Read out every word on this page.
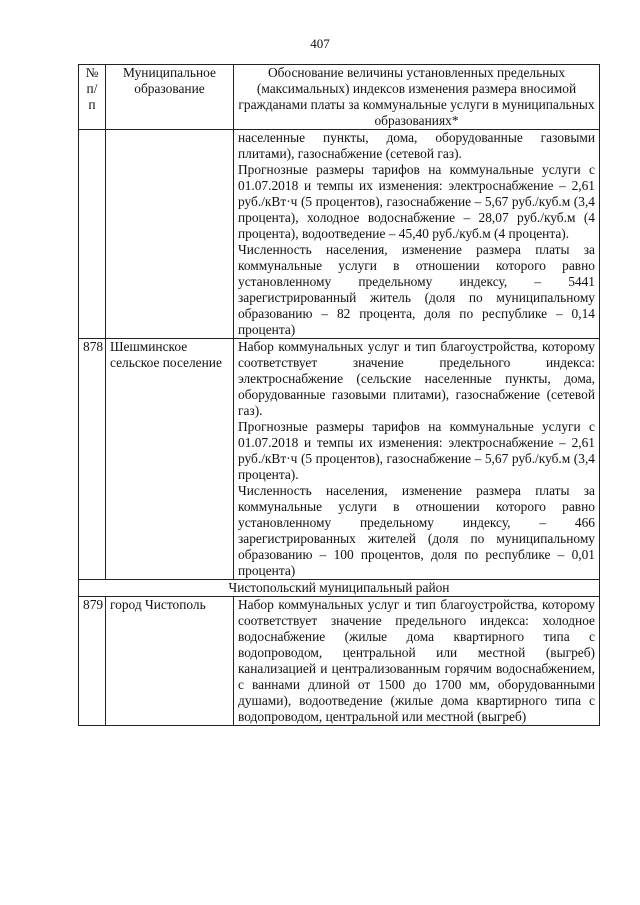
407
№ п/п	Муниципальное образование	Обоснование величины установленных предельных (максимальных) индексов изменения размера вносимой гражданами платы за коммунальные услуги в муниципальных образованиях*

		населенные пункты, дома, оборудованные газовыми плитами), газоснабжение (сетевой газ).

Прогнозные размеры тарифов на коммунальные услуги с 01.07.2018 и темпы их изменения: электроснабжение – 2,61 руб./кВт·ч (5 процентов), газоснабжение – 5,67 руб./куб.м (3,4 процента), холодное водоснабжение – 28,07 руб./куб.м (4 процента), водоотведение – 45,40 руб./куб.м (4 процента).

Численность населения, изменение размера платы за коммунальные услуги в отношении которого равно установленному предельному индексу, – 5441 зарегистрированный житель (доля по муниципальному образованию – 82 процента, доля по республике – 0,14 процента)

878	Шешминское сельское поселение	Набор коммунальных услуг и тип благоустройства, которому соответствует значение предельного индекса: электроснабжение (сельские населенные пункты, дома, оборудованные газовыми плитами), газоснабжение (сетевой газ).

Прогнозные размеры тарифов на коммунальные услуги с 01.07.2018 и темпы их изменения: электроснабжение – 2,61 руб./кВт·ч (5 процентов), газоснабжение – 5,67 руб./куб.м (3,4 процента).

Численность населения, изменение размера платы за коммунальные услуги в отношении которого равно установленному предельному индексу, – 466 зарегистрированных жителей (доля по муниципальному образованию – 100 процентов, доля по республике – 0,01 процента)

Чистопольский муниципальный район		
879	город Чистополь	Набор коммунальных услуг и тип благоустройства, которому соответствует значение предельного индекса: холодное водоснабжение (жилые дома квартирного типа с водопроводом, центральной или местной (выгреб) канализацией и централизованным горячим водоснабжением, с ваннами длиной от 1500 до 1700 мм, оборудованными душами), водоотведение (жилые дома квартирного типа с водопроводом, центральной или местной (выгреб)
